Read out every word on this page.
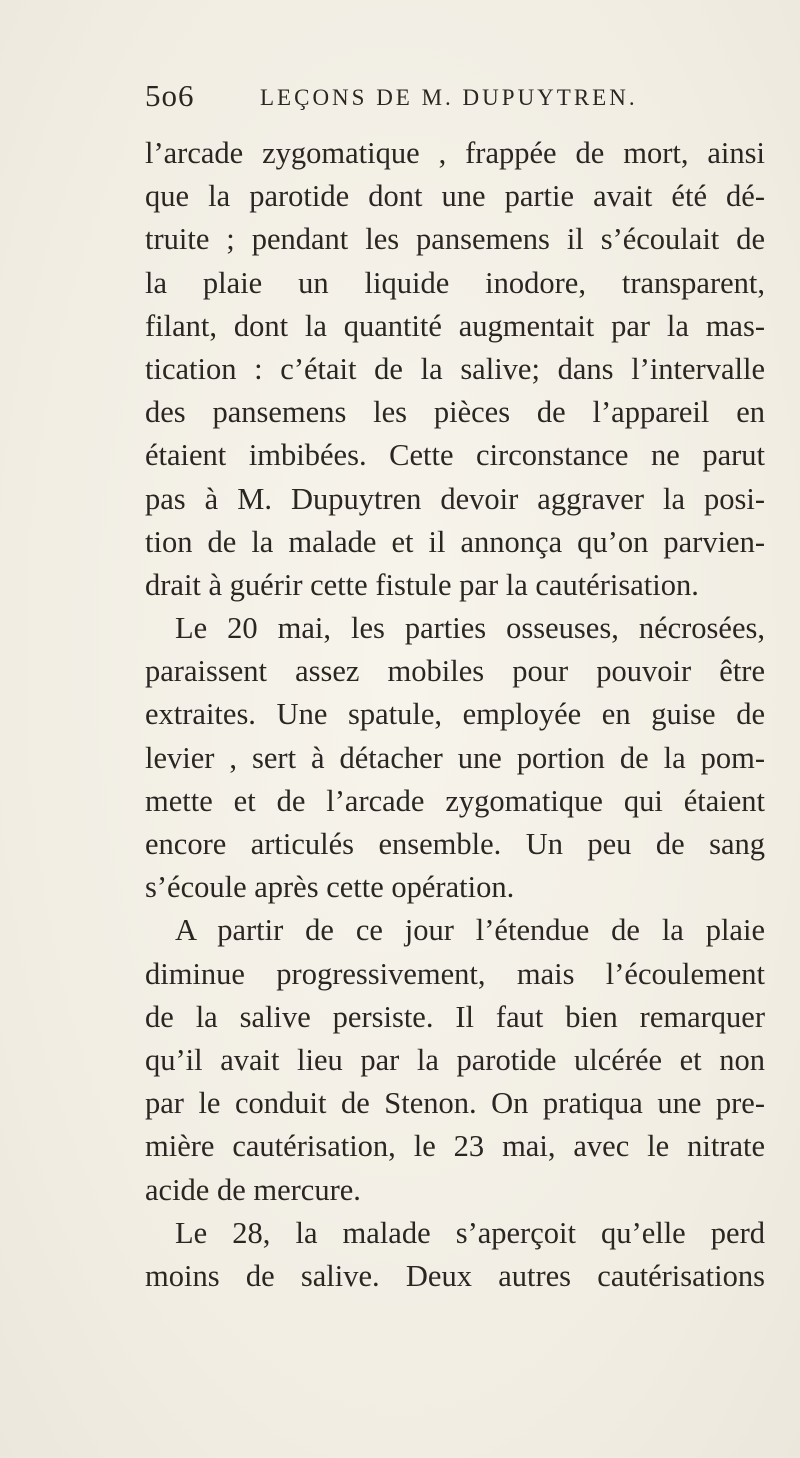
5o6	LEÇONS DE M. DUPUYTREN.
l’arcade zygomatique , frappée de mort, ainsi
que la parotide dont une partie avait été dé-
truite ; pendant les pansemens il s’écoulait de
la plaie un liquide inodore, transparent,
filant, dont la quantité augmentait par la mas-
tication : c’était de la salive; dans l’intervalle
des pansemens les pièces de l’appareil en
étaient imbibées. Cette circonstance ne parut
pas à M. Dupuytren devoir aggraver la posi-
tion de la malade et il annonça qu’on parvien-
drait à guérir cette fistule par la cautérisation.
Le 20 mai, les parties osseuses, nécrosées,
paraissent assez mobiles pour pouvoir être
extraites. Une spatule, employée en guise de
levier , sert à détacher une portion de la pom-
mette et de l’arcade zygomatique qui étaient
encore articulés ensemble. Un peu de sang
s’écoule après cette opération.
A partir de ce jour l’étendue de la plaie
diminue progressivement, mais l’écoulement
de la salive persiste. Il faut bien remarquer
qu’il avait lieu par la parotide ulcérée et non
par le conduit de Stenon. On pratiqua une pre-
mière cautérisation, le 23 mai, avec le nitrate
acide de mercure.
Le 28, la malade s’aperçoit qu’elle perd
moins de salive. Deux autres cautérisations
